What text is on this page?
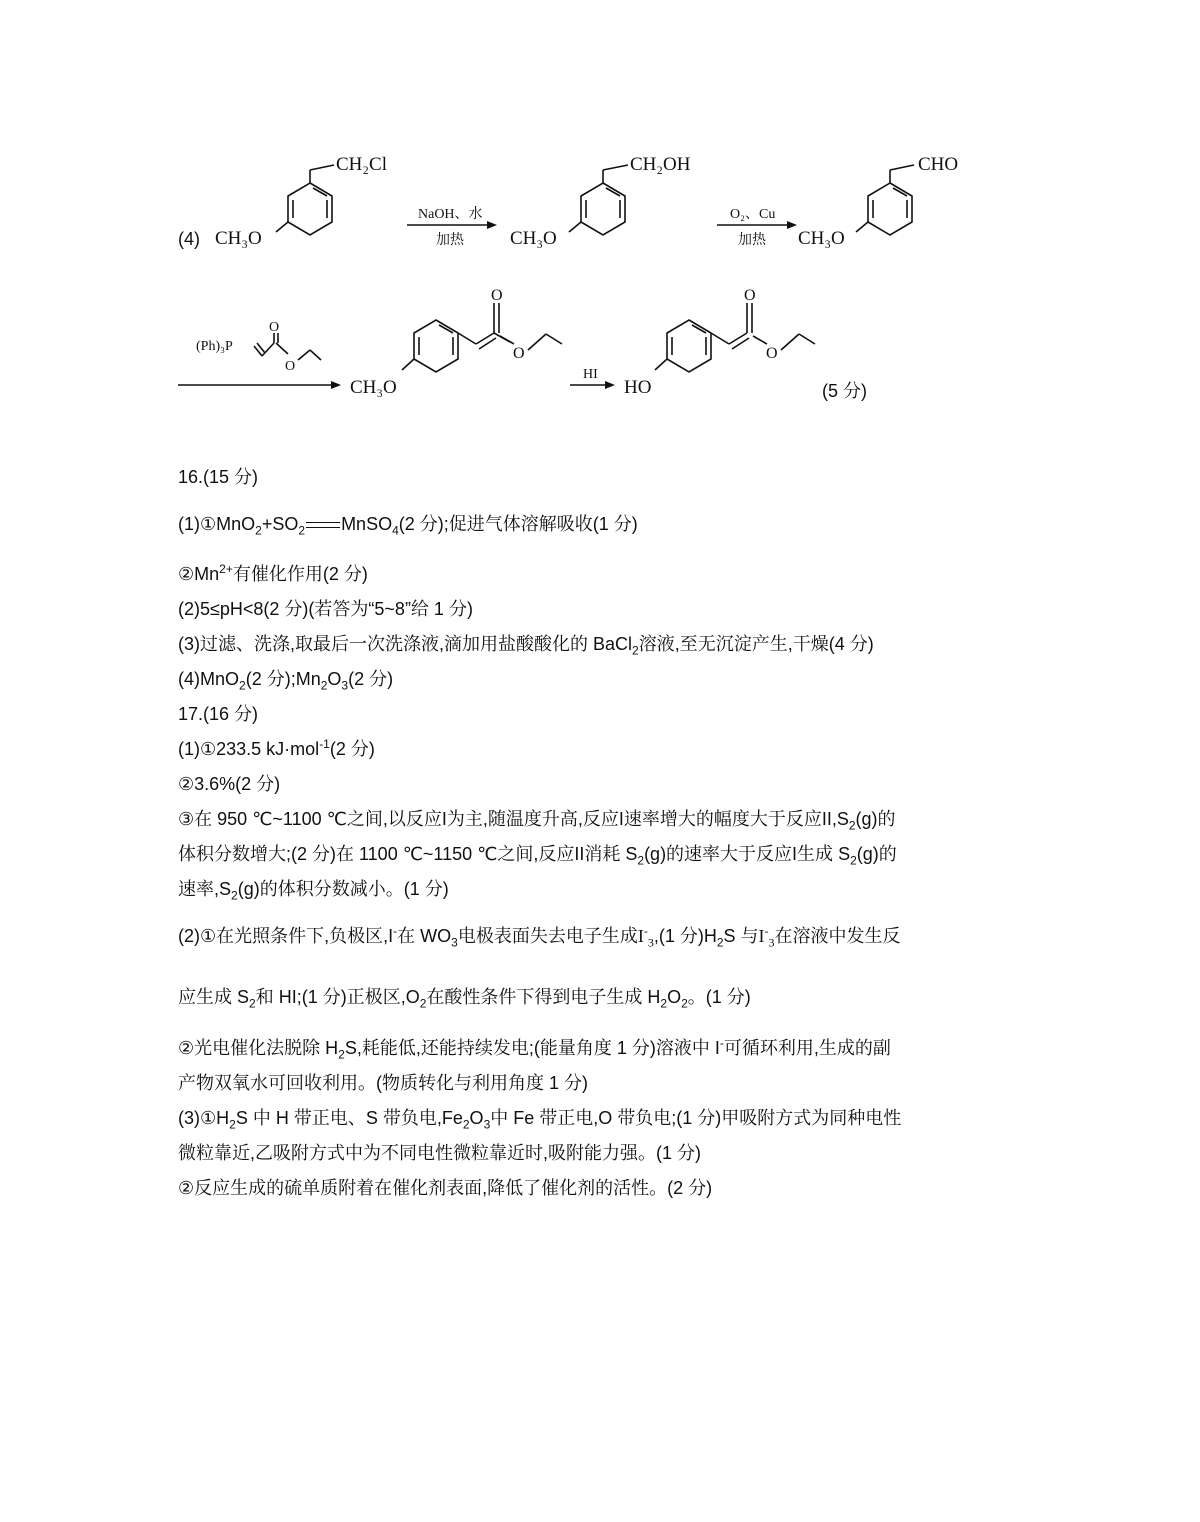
(4)
CH₂Cl
CH₃O
NaOH、水
加热
CH₂OH
CH₃O
O₂、Cu
加热
CHO
CH₃O
(Ph)₃P
O
O
CH₃O
O
O
HI
HO
O
O
(5 分)
16.(15 分)
$(1)①MnO_2+SO_2$ MnSO$_4$(2 分);促进气体溶解吸收(1 分)
$②Mn^{2+}$有催化作用(2 分)
(2)5≤pH<8(2 分)(若答为“5~8”给 1 分)
(3)过滤、洗涤,取最后一次洗涤液,滴加用盐酸酸化的 BaCl$_2$溶液,至无沉淀产生,干燥(4 分)
(4)MnO$_2$(2 分)$;Mn_2O_3(2$ 分)
17.(16 分)
(1)①233.5 kJ·mol$^{-1}$(2 分)
②3.6%(2 分)
③在 950 ℃~1100 ℃之间,以反应I为主,随温度升高,反应I速率增大的幅度大于反应$II,S_2(g)$的
体积分数增大;(2 分)在 1100 ℃~1150 ℃之间,反应II消耗 $S_2(g)$的速率大于反应I生成 $S_2(g)$的
速率$,S_2(g)$的体积分数减小。(1 分)
(2)①在光照条件下,负极区,I-在 $WO_3$电极表面失去电子生成$I^-_3,(1$ 分)$H_2S$ 与$I^-_3$在溶液中发生反
应生成 $S_2$和 HI;(1 分)正极区$,O_2$在酸性条件下得到电子生成 $H_2O_2$。(1 分)
②光电催化法脱除 $H_2S$,耗能低,还能持续发电;(能量角度 1 分)溶液中 I-可循环利用,生成的副
产物双氧水可回收利用。(物质转化与利用角度 1 分)
$(3)①H_2S$ 中 H 带正电、S 带负电$,Fe_2O_3$中 Fe 带正电,O 带负电;(1 分)甲吸附方式为同种电性
微粒靠近,乙吸附方式中为不同电性微粒靠近时,吸附能力强。(1 分)
②反应生成的硫单质附着在催化剂表面,降低了催化剂的活性。(2 分)
